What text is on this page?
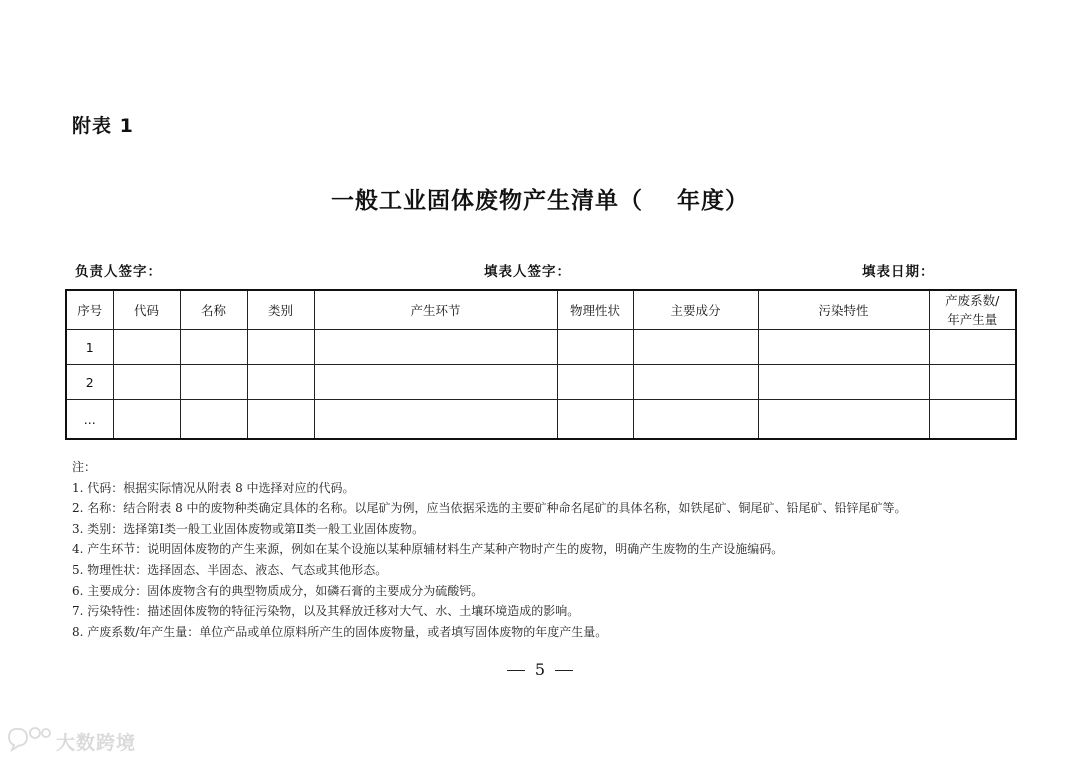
附表 1
一般工业固体废物产生清单（ 年度）
负责人签字：	填表人签字：	填表日期：
序号	代码	名称	类别	产生环节	物理性状	主要成分	污染特性	产废系数/
年产生量

1								
2								
...								
注：
1. 代码：根据实际情况从附表 8 中选择对应的代码。
2. 名称：结合附表 8 中的废物种类确定具体的名称。以尾矿为例，应当依据采选的主要矿种命名尾矿的具体名称，如铁尾矿、铜尾矿、铅尾矿、铅锌尾矿等。
3. 类别：选择第Ⅰ类一般工业固体废物或第Ⅱ类一般工业固体废物。
4. 产生环节：说明固体废物的产生来源，例如在某个设施以某种原辅材料生产某种产物时产生的废物，明确产生废物的生产设施编码。
5. 物理性状：选择固态、半固态、液态、气态或其他形态。
6. 主要成分：固体废物含有的典型物质成分，如磷石膏的主要成分为硫酸钙。
7. 污染特性：描述固体废物的特征污染物，以及其释放迁移对大气、水、土壤环境造成的影响。
8. 产废系数/年产生量：单位产品或单位原料所产生的固体废物量，或者填写固体废物的年度产生量。
5
大数跨境
